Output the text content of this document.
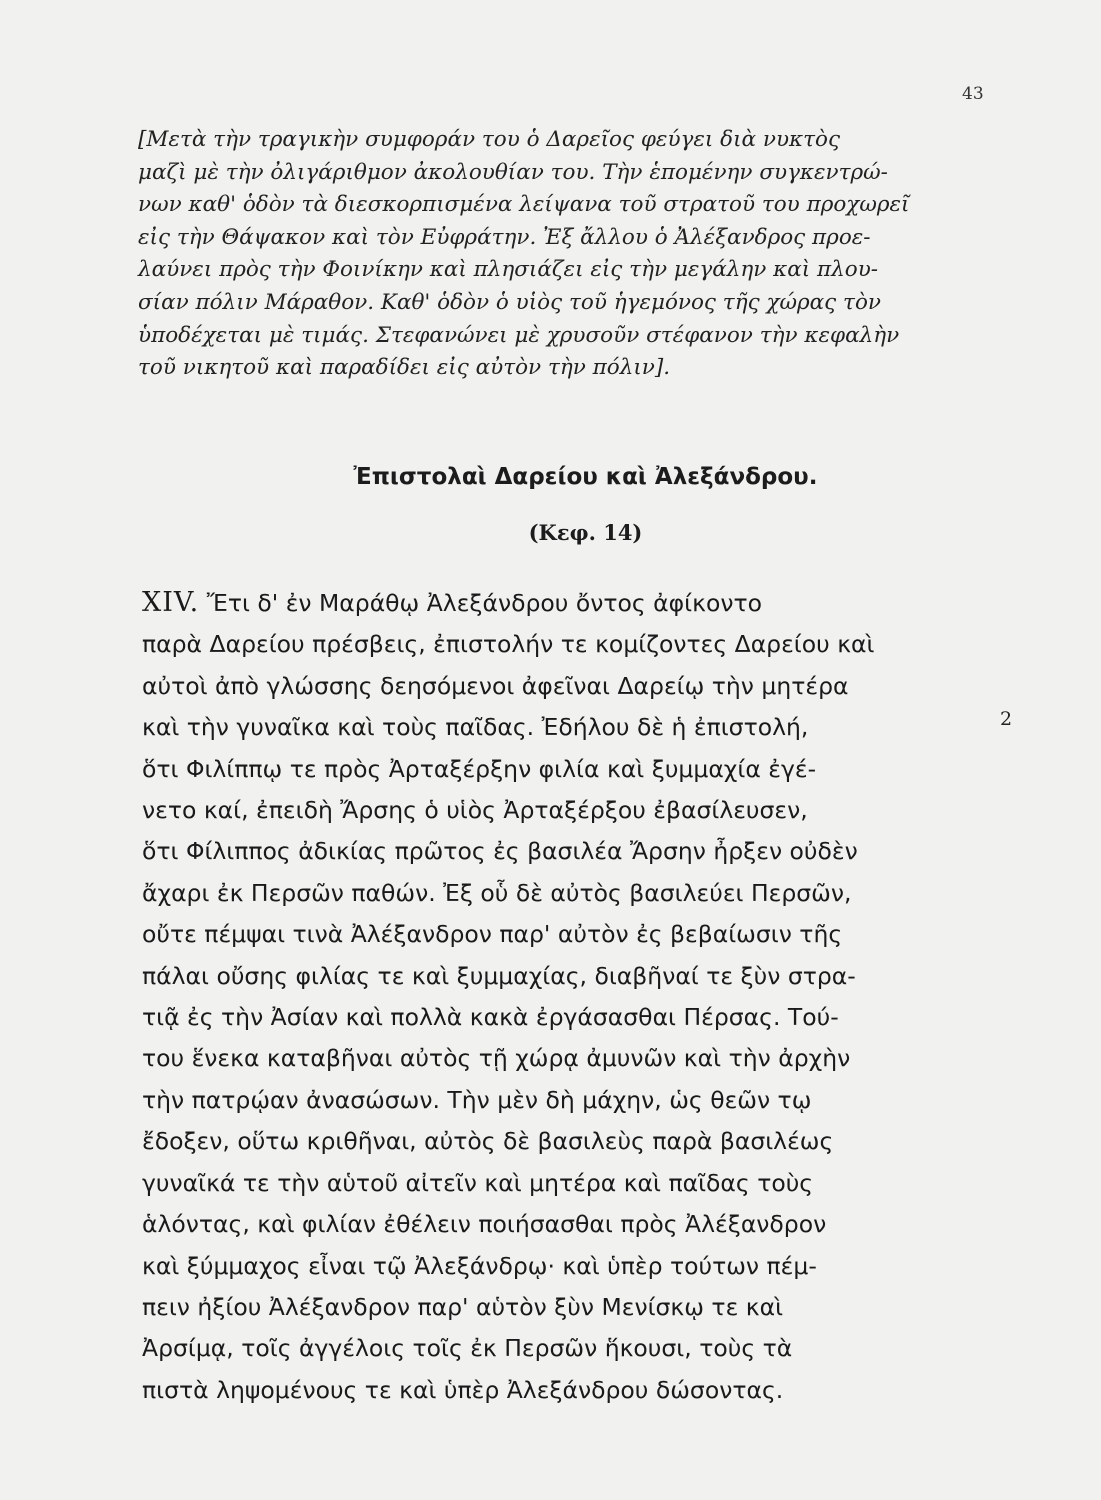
43
[Μετὰ τὴν τραγικὴν συμφοράν του ὁ Δαρεῖος φεύγει διὰ νυκτὸς
μαζὶ μὲ τὴν ὀλιγάριθμον ἀκολουθίαν του. Τὴν ἑπομένην συγκεντρώ-
νων καθ' ὁδὸν τὰ διεσκορπισμένα λείψανα τοῦ στρατοῦ του προχωρεῖ
εἰς τὴν Θάψακον καὶ τὸν Εὐφράτην. Ἐξ ἄλλου ὁ Ἀλέξανδρος προε-
λαύνει πρὸς τὴν Φοινίκην καὶ πλησιάζει εἰς τὴν μεγάλην καὶ πλου-
σίαν πόλιν Μάραθον. Καθ' ὁδὸν ὁ υἱὸς τοῦ ἡγεμόνος τῆς χώρας τὸν
ὑποδέχεται μὲ τιμάς. Στεφανώνει μὲ χρυσοῦν στέφανον τὴν κεφαλὴν
τοῦ νικητοῦ καὶ παραδίδει εἰς αὐτὸν τὴν πόλιν].
Ἐπιστολαὶ Δαρείου καὶ Ἀλεξάνδρου.
(Κεφ. 14)
XIV. Ἔτι δ' ἐν Μαράθῳ Ἀλεξάνδρου ὄντος ἀφίκοντο
παρὰ Δαρείου πρέσβεις, ἐπιστολήν τε κομίζοντες Δαρείου καὶ
αὐτοὶ ἀπὸ γλώσσης δεησόμενοι ἀφεῖναι Δαρείῳ τὴν μητέρα
καὶ τὴν γυναῖκα καὶ τοὺς παῖδας. Ἐδήλου δὲ ἡ ἐπιστολή,
ὅτι Φιλίππῳ τε πρὸς Ἀρταξέρξην φιλία καὶ ξυμμαχία ἐγέ-
νετο καί, ἐπειδὴ Ἄρσης ὁ υἱὸς Ἀρταξέρξου ἐβασίλευσεν,
ὅτι Φίλιππος ἀδικίας πρῶτος ἐς βασιλέα Ἄρσην ἦρξεν οὐδὲν
ἄχαρι ἐκ Περσῶν παθών. Ἐξ οὗ δὲ αὐτὸς βασιλεύει Περσῶν,
οὔτε πέμψαι τινὰ Ἀλέξανδρον παρ' αὐτὸν ἐς βεβαίωσιν τῆς
πάλαι οὔσης φιλίας τε καὶ ξυμμαχίας, διαβῆναί τε ξὺν στρα-
τιᾷ ἐς τὴν Ἀσίαν καὶ πολλὰ κακὰ ἐργάσασθαι Πέρσας. Τού-
του ἕνεκα καταβῆναι αὐτὸς τῇ χώρᾳ ἀμυνῶν καὶ τὴν ἀρχὴν
τὴν πατρῴαν ἀνασώσων. Τὴν μὲν δὴ μάχην, ὡς θεῶν τῳ
ἔδοξεν, οὕτω κριθῆναι, αὐτὸς δὲ βασιλεὺς παρὰ βασιλέως
γυναῖκά τε τὴν αὑτοῦ αἰτεῖν καὶ μητέρα καὶ παῖδας τοὺς
ἁλόντας, καὶ φιλίαν ἐθέλειν ποιήσασθαι πρὸς Ἀλέξανδρον
καὶ ξύμμαχος εἶναι τῷ Ἀλεξάνδρῳ· καὶ ὑπὲρ τούτων πέμ-
πειν ἠξίου Ἀλέξανδρον παρ' αὑτὸν ξὺν Μενίσκῳ τε καὶ
Ἀρσίμᾳ, τοῖς ἀγγέλοις τοῖς ἐκ Περσῶν ἥκουσι, τοὺς τὰ
πιστὰ ληψομένους τε καὶ ὑπὲρ Ἀλεξάνδρου δώσοντας.
2
